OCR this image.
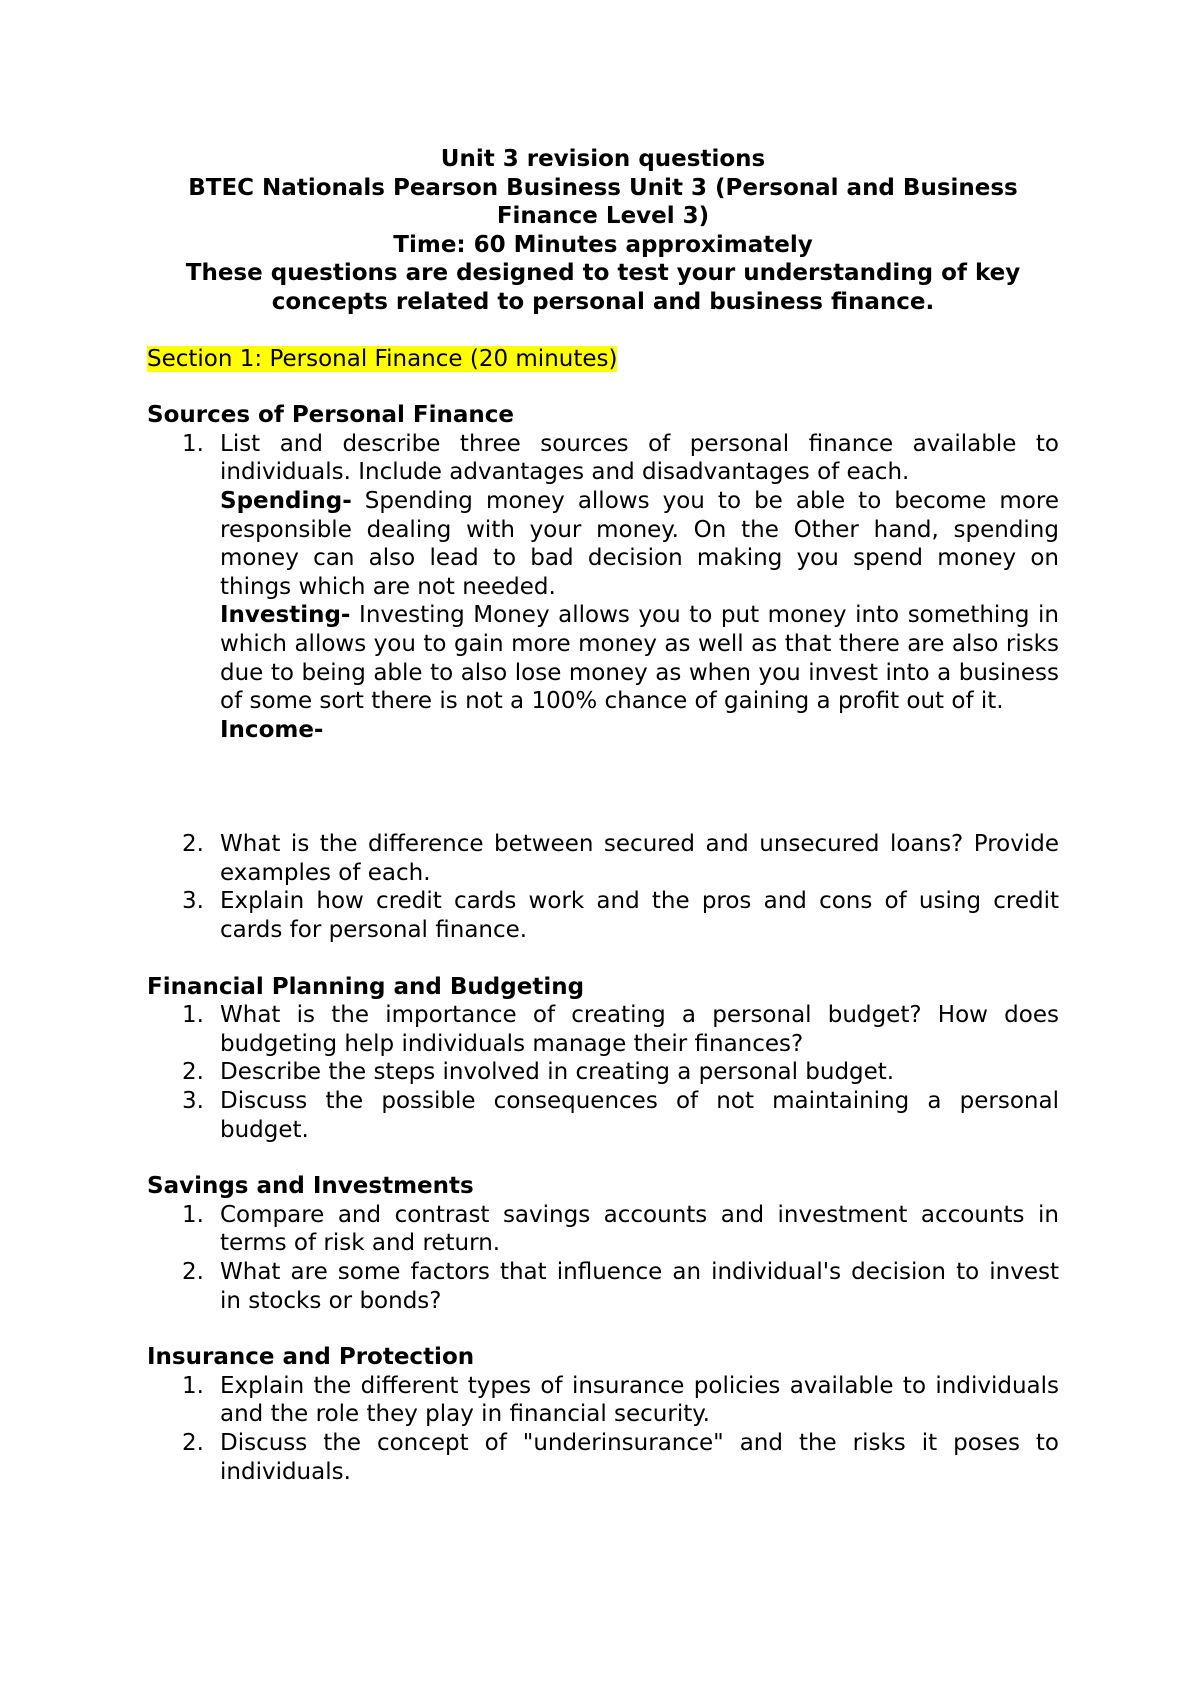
Unit 3 revision questions
BTEC Nationals Pearson Business Unit 3 (Personal and Business Finance Level 3)
Time: 60 Minutes approximately
These questions are designed to test your understanding of key concepts related to personal and business finance.
Section 1: Personal Finance (20 minutes)
Sources of Personal Finance
1. List and describe three sources of personal finance available to individuals. Include advantages and disadvantages of each.
Spending- Spending money allows you to be able to become more responsible dealing with your money. On the Other hand, spending money can also lead to bad decision making you spend money on things which are not needed.
Investing- Investing Money allows you to put money into something in which allows you to gain more money as well as that there are also risks due to being able to also lose money as when you invest into a business of some sort there is not a 100% chance of gaining a profit out of it.
Income-
2. What is the difference between secured and unsecured loans? Provide examples of each.
3. Explain how credit cards work and the pros and cons of using credit cards for personal finance.
Financial Planning and Budgeting
1. What is the importance of creating a personal budget? How does budgeting help individuals manage their finances?
2. Describe the steps involved in creating a personal budget.
3. Discuss the possible consequences of not maintaining a personal budget.
Savings and Investments
1. Compare and contrast savings accounts and investment accounts in terms of risk and return.
2. What are some factors that influence an individual's decision to invest in stocks or bonds?
Insurance and Protection
1. Explain the different types of insurance policies available to individuals and the role they play in financial security.
2. Discuss the concept of "underinsurance" and the risks it poses to individuals.
